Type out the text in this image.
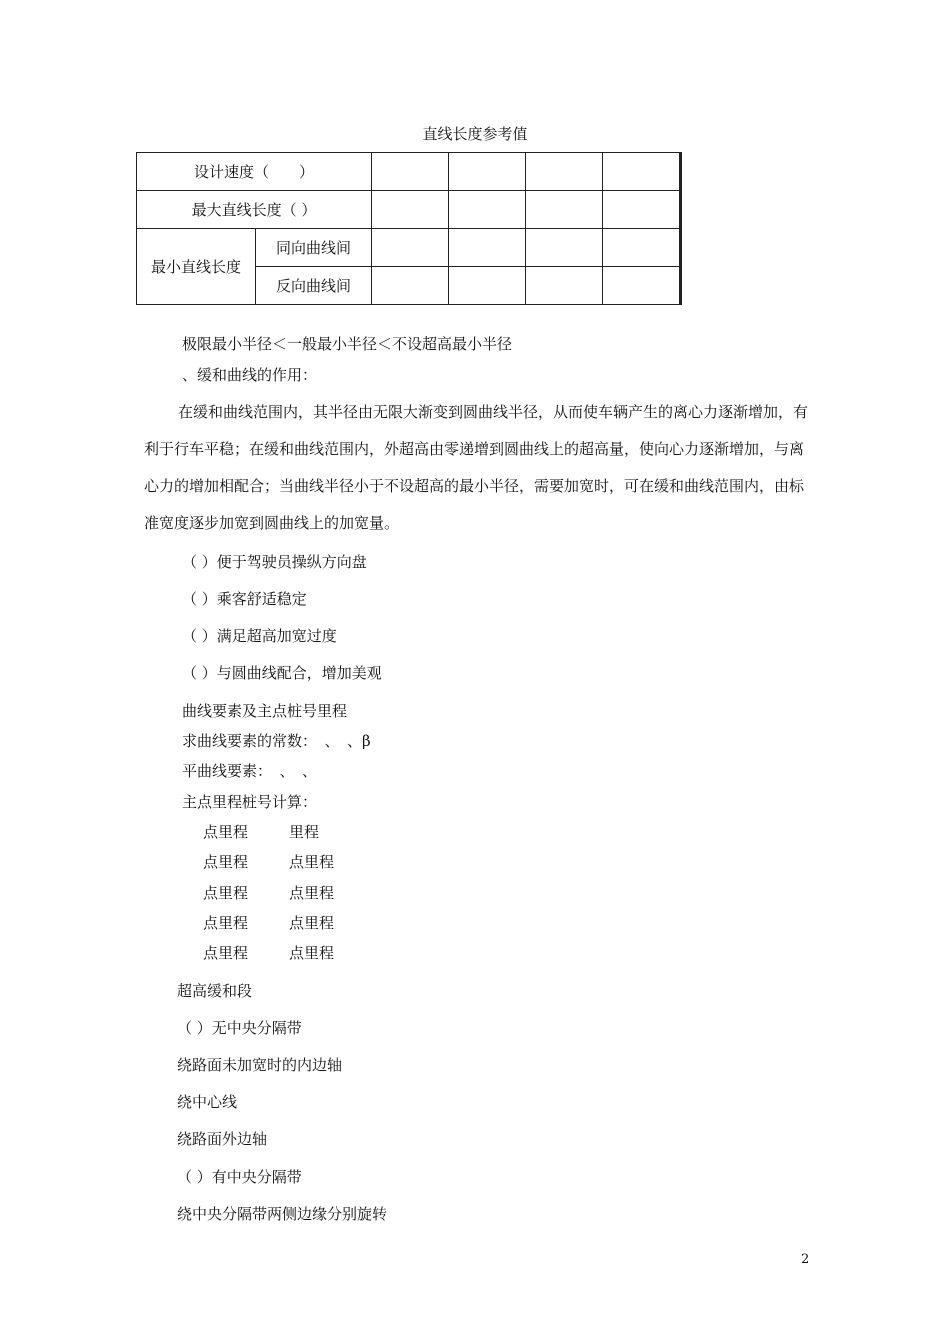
直线长度参考值
设计速度（　　）					
最大直线长度（ ）					
最小直线长度	同向曲线间				
	反向曲线间				
极限最小半径＜一般最小半径＜不设超高最小半径
、缓和曲线的作用：
在缓和曲线范围内，其半径由无限大渐变到圆曲线半径，从而使车辆产生的离心力逐渐增加，有利于行车平稳；在缓和曲线范围内，外超高由零递增到圆曲线上的超高量，使向心力逐渐增加，与离心力的增加相配合；当曲线半径小于不设超高的最小半径，需要加宽时，可在缓和曲线范围内，由标准宽度逐步加宽到圆曲线上的加宽量。
（ ）便于驾驶员操纵方向盘
（ ）乘客舒适稳定
（ ）满足超高加宽过度
（ ）与圆曲线配合，增加美观
曲线要素及主点桩号里程
求曲线要素的常数：　、　、β
平曲线要素：　、　、
主点里程桩号计算：
点里程	里程
点里程	点里程
点里程	点里程
点里程	点里程
点里程	点里程
超高缓和段
（ ）无中央分隔带
绕路面未加宽时的内边轴
绕中心线
绕路面外边轴
（ ）有中央分隔带
绕中央分隔带两侧边缘分别旋转
2
